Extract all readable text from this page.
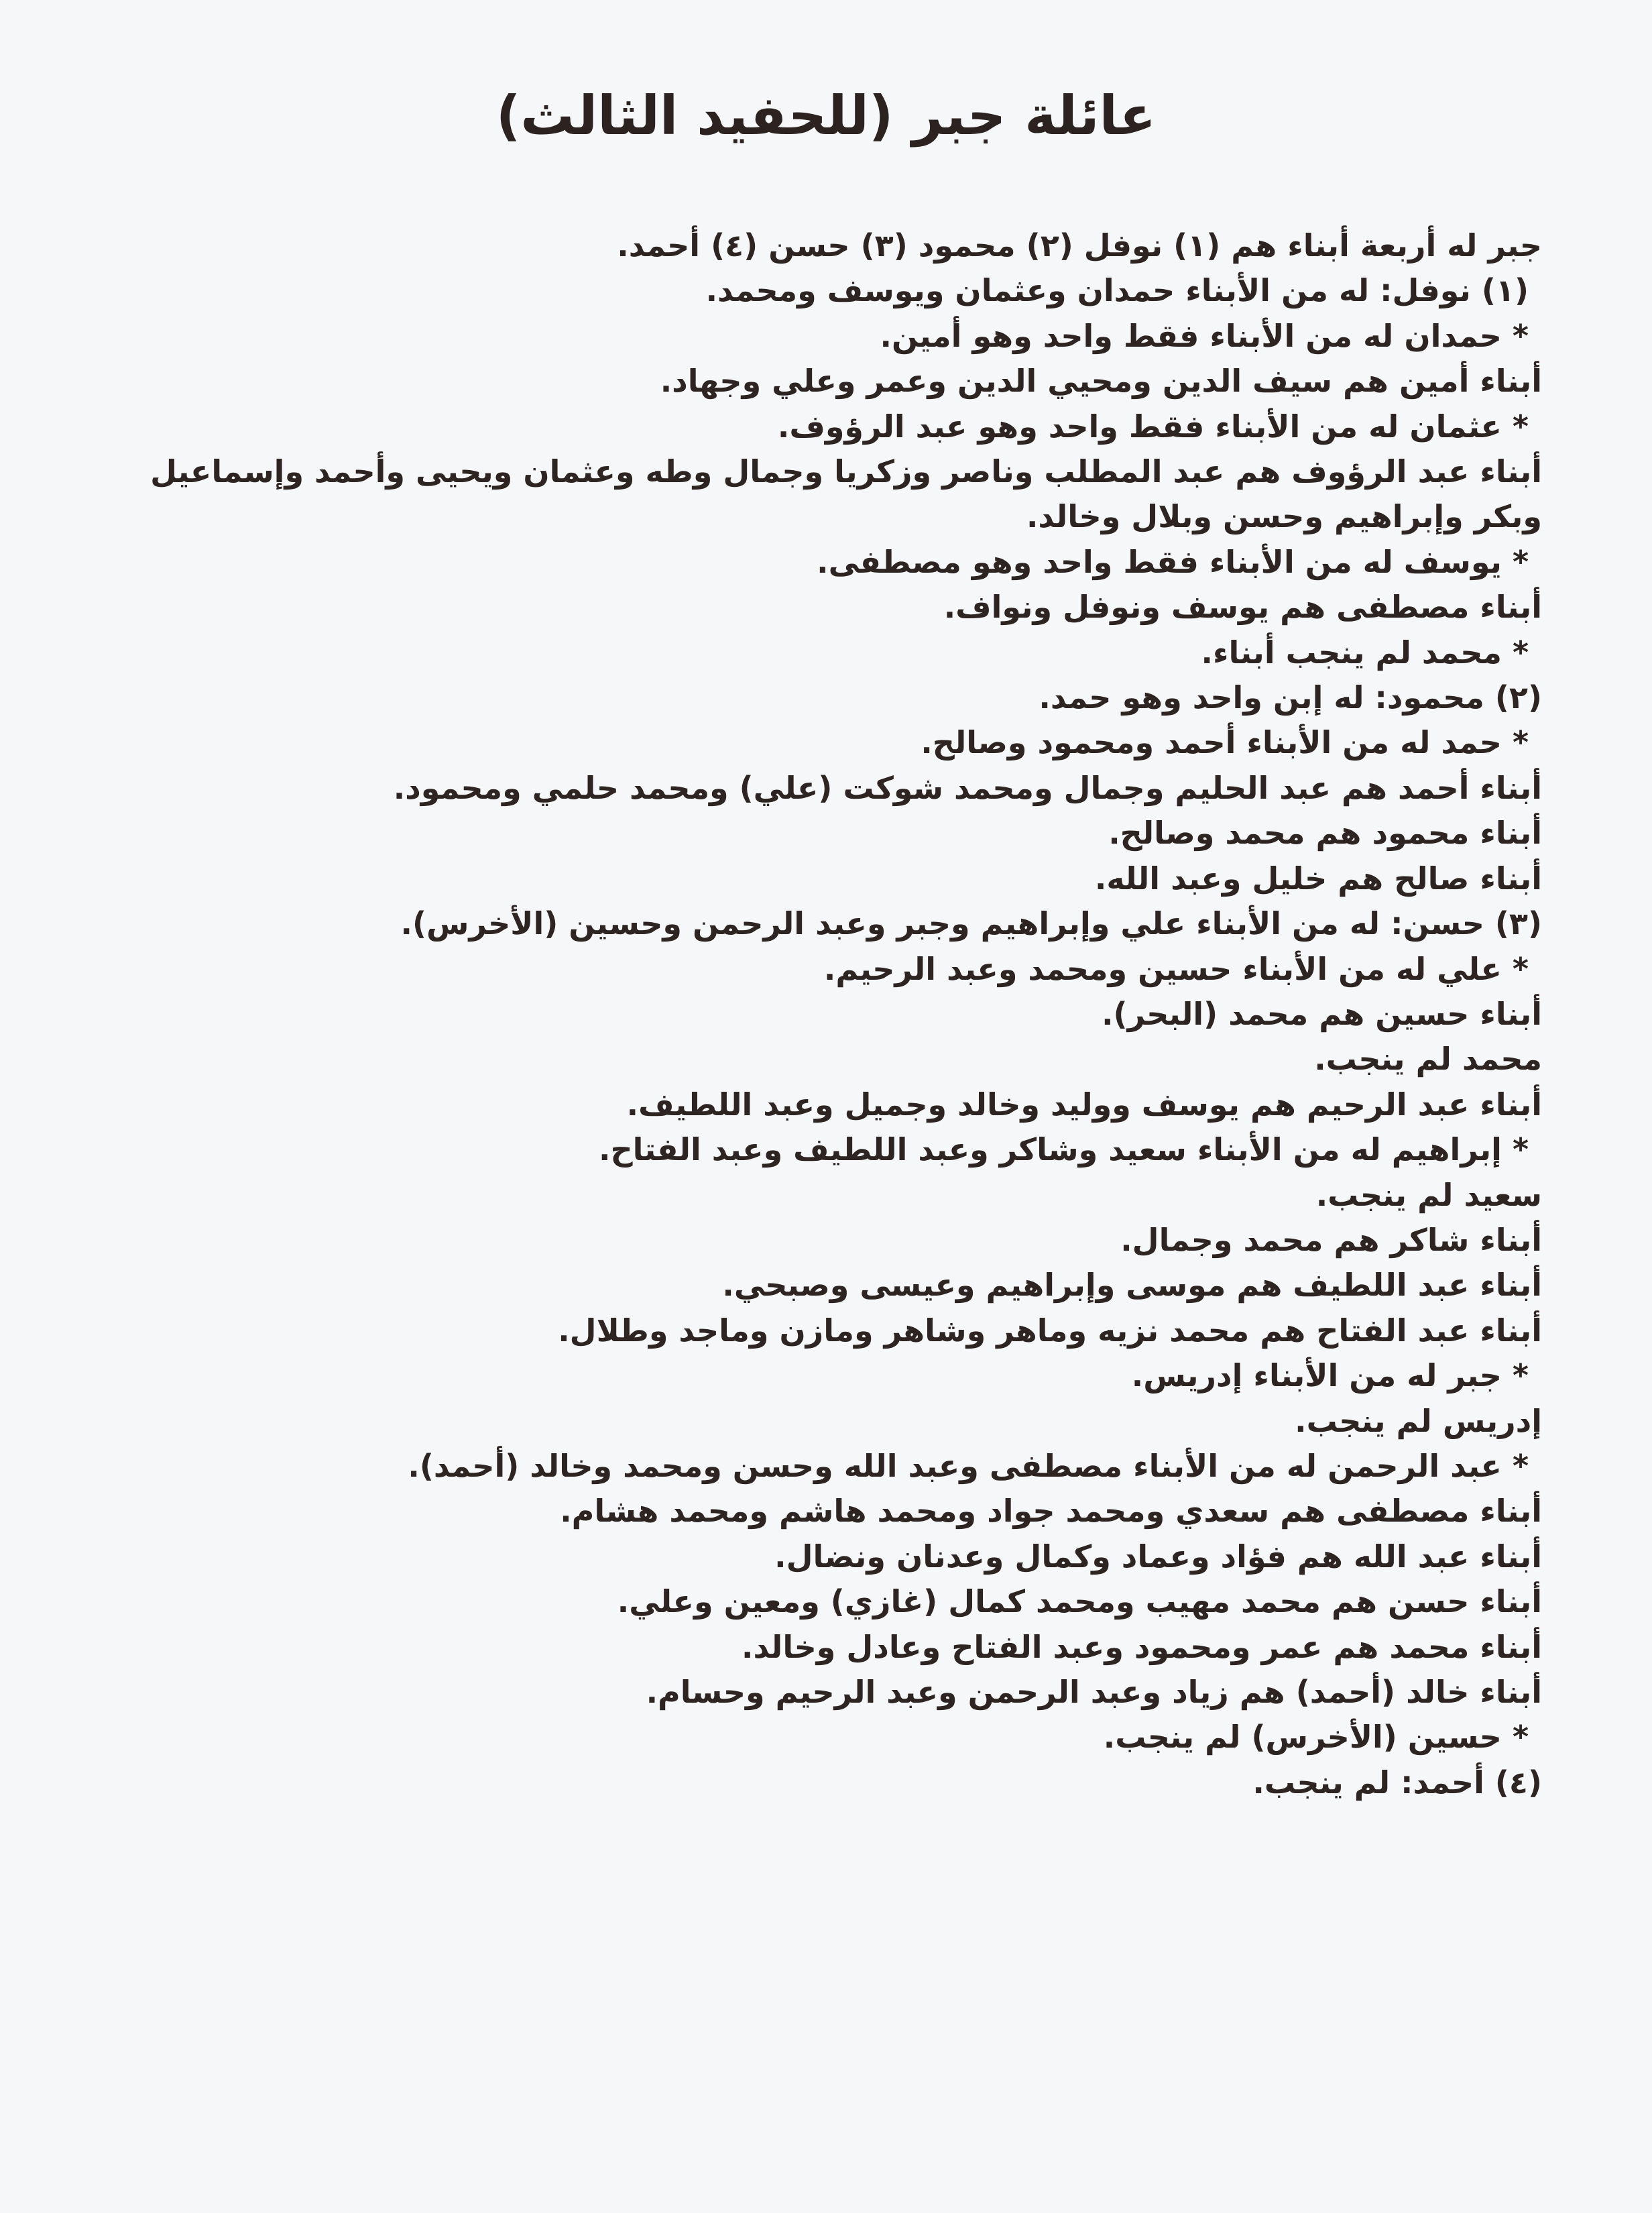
عائلة جبر (للحفيد الثالث)

جبر له أربعة أبناء هم (١) نوفل (٢) محمود (٣) حسن (٤) أحمد.

(١) نوفل: له من الأبناء حمدان وعثمان ويوسف ومحمد.

* حمدان له من الأبناء فقط واحد وهو أمين.

أبناء أمين هم سيف الدين ومحيي الدين وعمر وعلي وجهاد.

* عثمان له من الأبناء فقط واحد وهو عبد الرؤوف.

أبناء عبد الرؤوف هم عبد المطلب وناصر وزكريا وجمال وطه وعثمان ويحيى وأحمد وإسماعيل

وبكر وإبراهيم وحسن وبلال وخالد.

* يوسف له من الأبناء فقط واحد وهو مصطفى.

أبناء مصطفى هم يوسف ونوفل ونواف.

* محمد لم ينجب أبناء.

(٢) محمود: له إبن واحد وهو حمد.

* حمد له من الأبناء أحمد ومحمود وصالح.

أبناء أحمد هم عبد الحليم وجمال ومحمد شوكت (علي) ومحمد حلمي ومحمود.

أبناء محمود هم محمد وصالح.

أبناء صالح هم خليل وعبد الله.

(٣) حسن: له من الأبناء علي وإبراهيم وجبر وعبد الرحمن وحسين (الأخرس).

* علي له من الأبناء حسين ومحمد وعبد الرحيم.

أبناء حسين هم محمد (البحر).

محمد لم ينجب.

أبناء عبد الرحيم هم يوسف ووليد وخالد وجميل وعبد اللطيف.

* إبراهيم له من الأبناء سعيد وشاكر وعبد اللطيف وعبد الفتاح.

سعيد لم ينجب.

أبناء شاكر هم محمد وجمال.

أبناء عبد اللطيف هم موسى وإبراهيم وعيسى وصبحي.

أبناء عبد الفتاح هم محمد نزيه وماهر وشاهر ومازن وماجد وطلال.

* جبر له من الأبناء إدريس.

إدريس لم ينجب.

* عبد الرحمن له من الأبناء مصطفى وعبد الله وحسن ومحمد وخالد (أحمد).

أبناء مصطفى هم سعدي ومحمد جواد ومحمد هاشم ومحمد هشام.

أبناء عبد الله هم فؤاد وعماد وكمال وعدنان ونضال.

أبناء حسن هم محمد مهيب ومحمد كمال (غازي) ومعين وعلي.

أبناء محمد هم عمر ومحمود وعبد الفتاح وعادل وخالد.

أبناء خالد (أحمد) هم زياد وعبد الرحمن وعبد الرحيم وحسام.

* حسين (الأخرس) لم ينجب.

(٤) أحمد: لم ينجب.
